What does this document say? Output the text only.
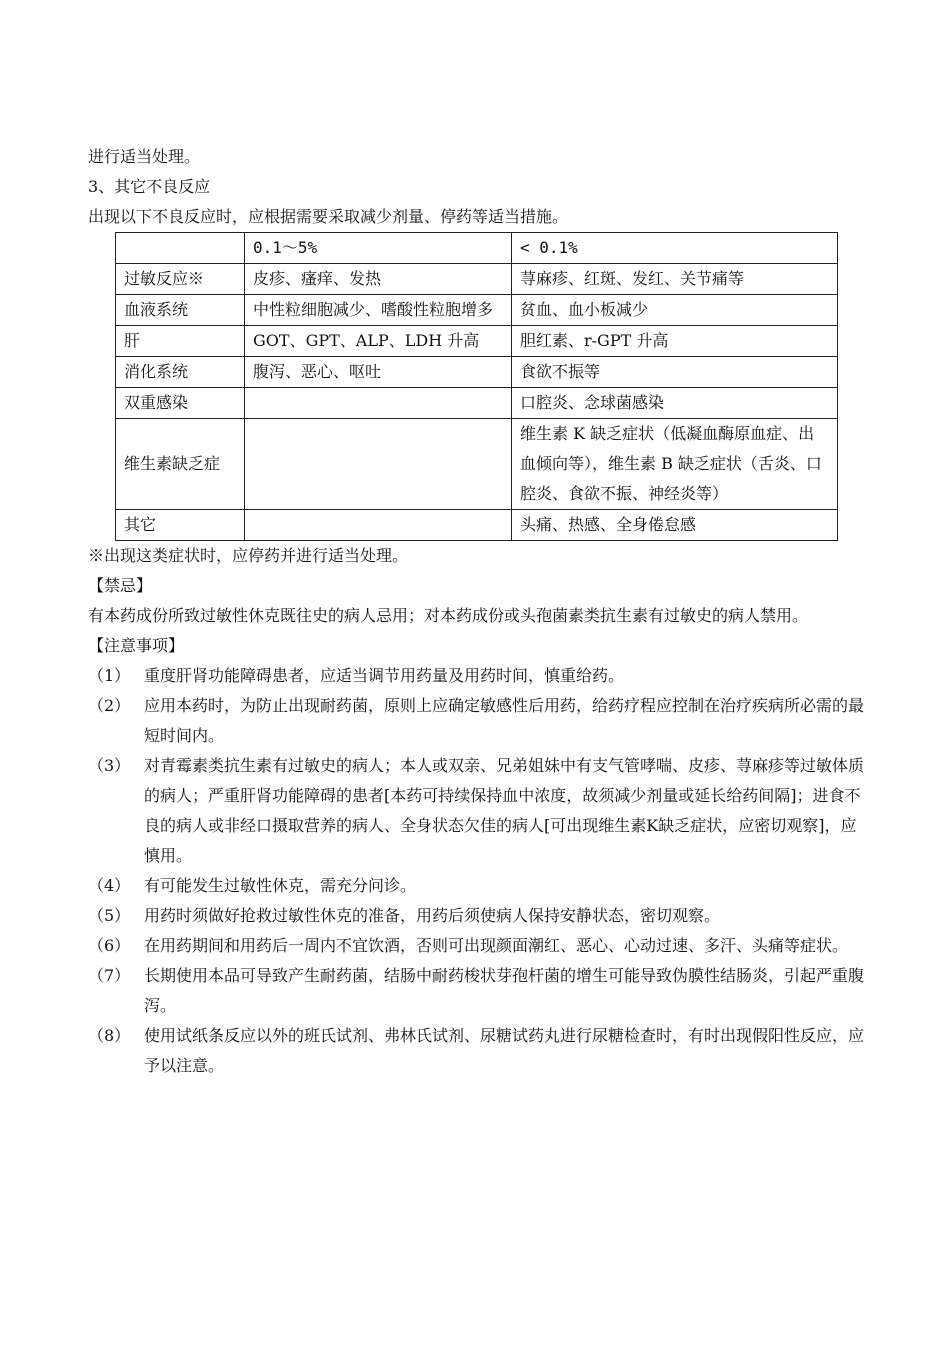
进行适当处理。
3、其它不良反应
出现以下不良反应时，应根据需要采取减少剂量、停药等适当措施。
	0.1～5%	< 0.1%
过敏反应※	皮疹、瘙痒、发热	荨麻疹、红斑、发红、关节痛等
血液系统	中性粒细胞减少、嗜酸性粒胞增多	贫血、血小板减少
肝	GOT、GPT、ALP、LDH 升高	胆红素、r-GPT 升高
消化系统	腹泻、恶心、呕吐	食欲不振等
双重感染		口腔炎、念球菌感染
维生素缺乏症		维生素 K 缺乏症状（低凝血酶原血症、出血倾向等），维生素 B 缺乏症状（舌炎、口腔炎、食欲不振、神经炎等）
其它		头痛、热感、全身倦怠感
※出现这类症状时，应停药并进行适当处理。
【禁忌】

有本药成份所致过敏性休克既往史的病人忌用；对本药成份或头孢菌素类抗生素有过敏史的病人禁用。

【注意事项】
（1） 重度肝肾功能障碍患者，应适当调节用药量及用药时间，慎重给药。
（2） 应用本药时，为防止出现耐药菌，原则上应确定敏感性后用药，给药疗程应控制在治疗疾病所必需的最短时间内。
（3） 对青霉素类抗生素有过敏史的病人；本人或双亲、兄弟姐妹中有支气管哮喘、皮疹、荨麻疹等过敏体质的病人；严重肝肾功能障碍的患者[本药可持续保持血中浓度，故须减少剂量或延长给药间隔]；进食不良的病人或非经口摄取营养的病人、全身状态欠佳的病人[可出现维生素K缺乏症状，应密切观察]，应慎用。
（4） 有可能发生过敏性休克，需充分问诊。
（5） 用药时须做好抢救过敏性休克的准备，用药后须使病人保持安静状态，密切观察。
（6） 在用药期间和用药后一周内不宜饮酒，否则可出现颜面潮红、恶心、心动过速、多汗、头痛等症状。
（7） 长期使用本品可导致产生耐药菌，结肠中耐药梭状芽孢杆菌的增生可能导致伪膜性结肠炎，引起严重腹泻。
（8） 使用试纸条反应以外的班氏试剂、弗林氏试剂、尿糖试药丸进行尿糖检查时，有时出现假阳性反应，应予以注意。
